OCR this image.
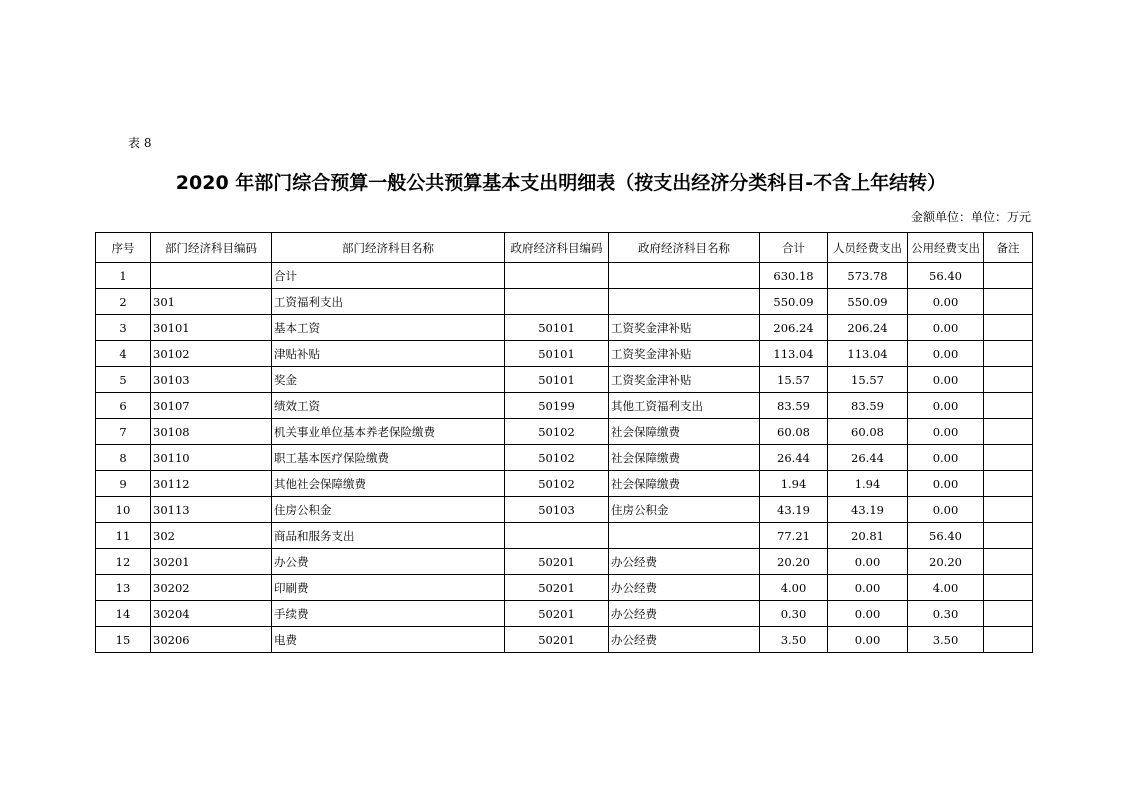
表 8
2020 年部门综合预算一般公共预算基本支出明细表（按支出经济分类科目-不含上年结转）
金额单位：单位：万元
序号	部门经济科目编码	部门经济科目名称	政府经济科目编码	政府经济科目名称	合计	人员经费支出	公用经费支出	备注
1		合计			630.18	573.78	56.40	
2	301	工资福利支出			550.09	550.09	0.00	
3	30101	基本工资	50101	工资奖金津补贴	206.24	206.24	0.00	
4	30102	津贴补贴	50101	工资奖金津补贴	113.04	113.04	0.00	
5	30103	奖金	50101	工资奖金津补贴	15.57	15.57	0.00	
6	30107	绩效工资	50199	其他工资福利支出	83.59	83.59	0.00	
7	30108	机关事业单位基本养老保险缴费	50102	社会保障缴费	60.08	60.08	0.00	
8	30110	职工基本医疗保险缴费	50102	社会保障缴费	26.44	26.44	0.00	
9	30112	其他社会保障缴费	50102	社会保障缴费	1.94	1.94	0.00	
10	30113	住房公积金	50103	住房公积金	43.19	43.19	0.00	
11	302	商品和服务支出			77.21	20.81	56.40	
12	30201	办公费	50201	办公经费	20.20	0.00	20.20	
13	30202	印刷费	50201	办公经费	4.00	0.00	4.00	
14	30204	手续费	50201	办公经费	0.30	0.00	0.30	
15	30206	电费	50201	办公经费	3.50	0.00	3.50	
